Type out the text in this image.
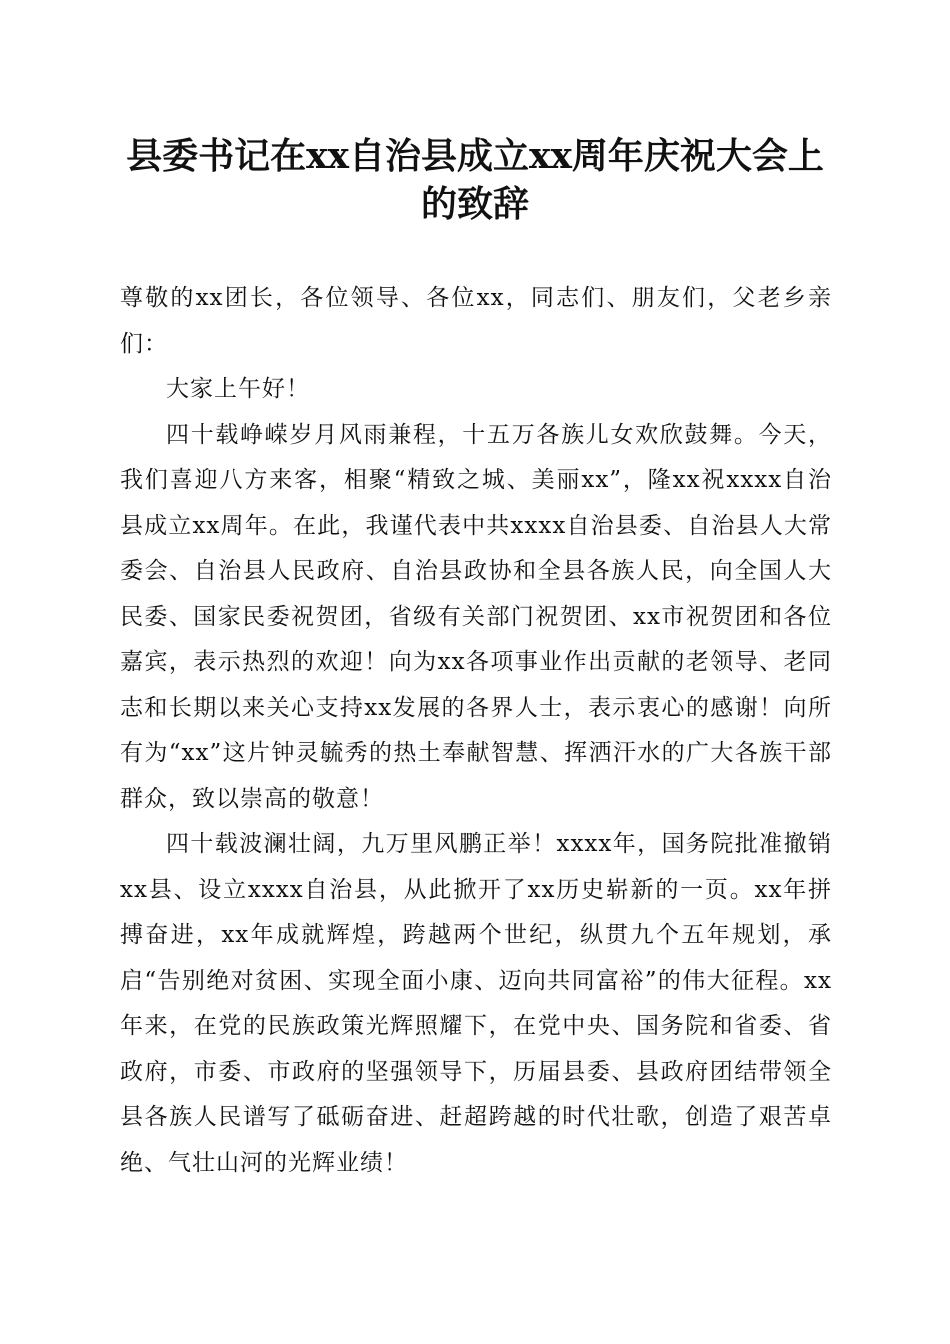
县委书记在xx自治县成立xx周年庆祝大会上
的致辞

尊敬的xx团长，各位领导、各位xx，同志们、朋友们，父老乡亲们：

大家上午好！

四十载峥嵘岁月风雨兼程，十五万各族儿女欢欣鼓舞。今天，我们喜迎八方来客，相聚“精致之城、美丽xx”，隆xx祝xxxx自治县成立xx周年。在此，我谨代表中共xxxx自治县委、自治县人大常委会、自治县人民政府、自治县政协和全县各族人民，向全国人大民委、国家民委祝贺团，省级有关部门祝贺团、xx市祝贺团和各位嘉宾，表示热烈的欢迎！向为xx各项事业作出贡献的老领导、老同志和长期以来关心支持xx发展的各界人士，表示衷心的感谢！向所有为“xx”这片钟灵毓秀的热土奉献智慧、挥洒汗水的广大各族干部群众，致以崇高的敬意！

四十载波澜壮阔，九万里风鹏正举！xxxx年，国务院批准撤销xx县、设立xxxx自治县，从此掀开了xx历史崭新的一页。xx年拼搏奋进，xx年成就辉煌，跨越两个世纪，纵贯九个五年规划，承启“告别绝对贫困、实现全面小康、迈向共同富裕”的伟大征程。xx年来，在党的民族政策光辉照耀下，在党中央、国务院和省委、省政府，市委、市政府的坚强领导下，历届县委、县政府团结带领全县各族人民谱写了砥砺奋进、赶超跨越的时代壮歌，创造了艰苦卓绝、气壮山河的光辉业绩！
